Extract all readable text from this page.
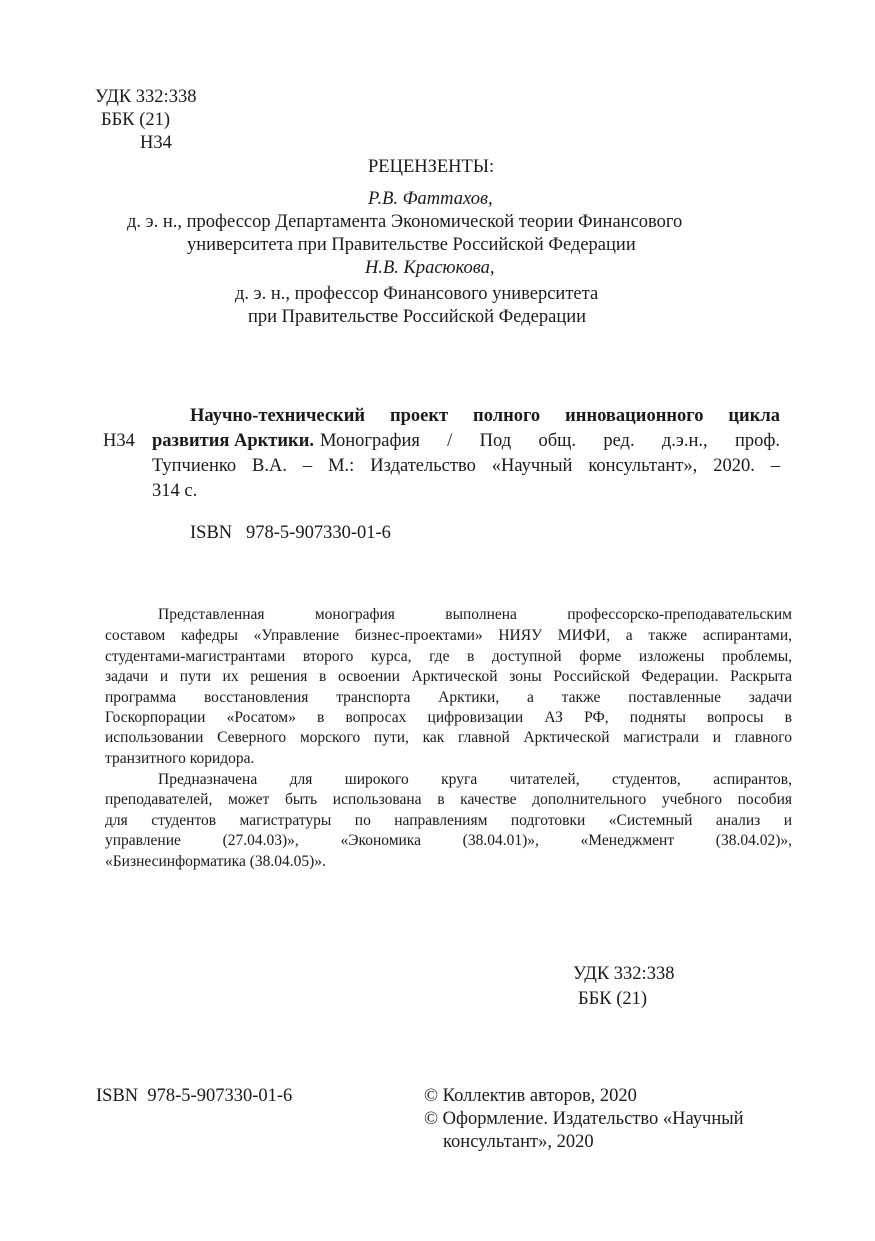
УДК 332:338
ББК (21)
Н34
РЕЦЕНЗЕНТЫ:
Р.В. Фаттахов,
д. э. н., профессор Департамента Экономической теории Финансового
университета при Правительстве Российской Федерации
Н.В. Красюкова,
д. э. н., профессор Финансового университета
при Правительстве Российской Федерации
Научно-технический проект полного инновационного цикла
Н34 развития Арктики. Монография / Под общ. ред. д.э.н., проф.
Тупчиенко В.А. – М.: Издательство «Научный консультант», 2020. –
314 с.
ISBN   978-5-907330-01-6
Представленная монография выполнена профессорско-преподавательским
составом кафедры «Управление бизнес-проектами» НИЯУ МИФИ, а также аспирантами,
студентами-магистрантами второго курса, где в доступной форме изложены проблемы,
задачи и пути их решения в освоении Арктической зоны Российской Федерации. Раскрыта
программа восстановления транспорта Арктики, а также поставленные задачи
Госкорпорации «Росатом» в вопросах цифровизации АЗ РФ, подняты вопросы в
использовании Северного морского пути, как главной Арктической магистрали и главного
транзитного коридора.
Предназначена для широкого круга читателей, студентов, аспирантов,
преподавателей, может быть использована в качестве дополнительного учебного пособия
для студентов магистратуры по направлениям подготовки «Системный анализ и
управление (27.04.03)», «Экономика (38.04.01)», «Менеджмент (38.04.02)»,
«Бизнесинформатика (38.04.05)».
УДК 332:338
ББК (21)
ISBN  978-5-907330-01-6	© Коллектив авторов, 2020
© Оформление. Издательство «Научный
консультант», 2020
